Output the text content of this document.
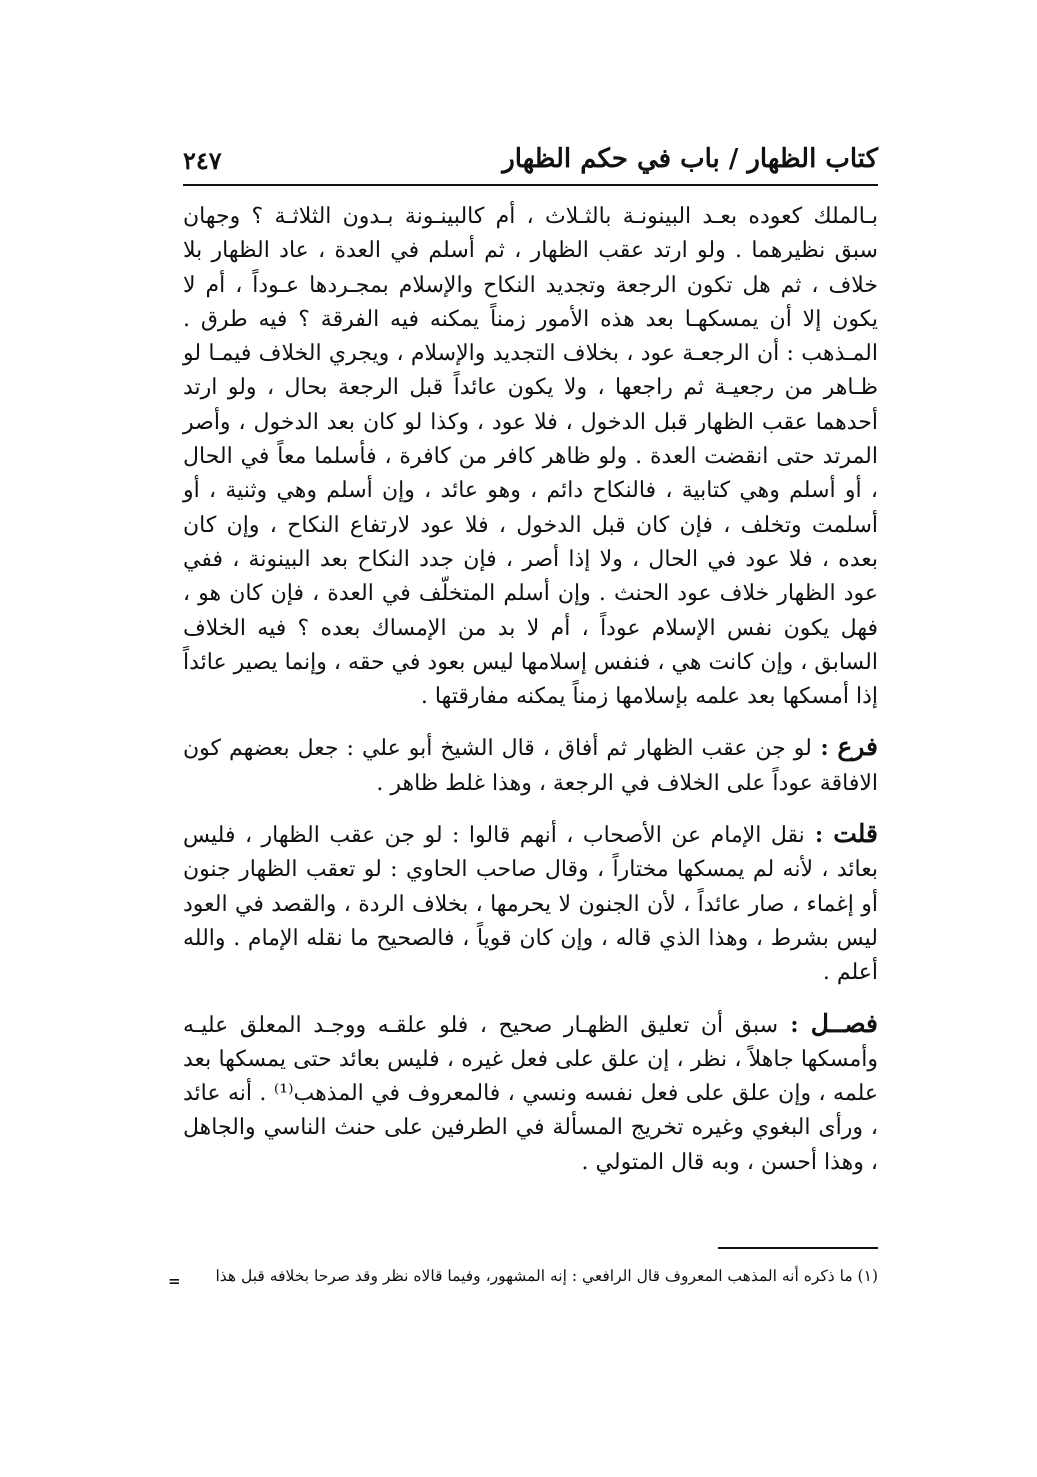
كتاب الظهار / باب في حكم الظهار
٢٤٧

بـالملك كعوده بعـد البينونـة بالثـلاث ، أم كالبينـونة بـدون الثلاثـة ؟ وجهان سبق نظيرهما . ولو ارتد عقب الظهار ، ثم أسلم في العدة ، عاد الظهار بلا خلاف ، ثم هل تكون الرجعة وتجديد النكاح والإسلام بمجـردها عـوداً ، أم لا يكون إلا أن يمسكهـا بعد هذه الأمور زمناً يمكنه فيه الفرقة ؟ فيه طرق . المـذهب : أن الرجعـة عود ، بخلاف التجديد والإسلام ، ويجري الخلاف فيمـا لو ظـاهر من رجعيـة ثم راجعها ، ولا يكون عائداً قبل الرجعة بحال ، ولو ارتد أحدهما عقب الظهار قبل الدخول ، فلا عود ، وكذا لو كان بعد الدخول ، وأصر المرتد حتى انقضت العدة . ولو ظاهر كافر من كافرة ، فأسلما معاً في الحال ، أو أسلم وهي كتابية ، فالنكاح دائم ، وهو عائد ، وإن أسلم وهي وثنية ، أو أسلمت وتخلف ، فإن كان قبل الدخول ، فلا عود لارتفاع النكاح ، وإن كان بعده ، فلا عود في الحال ، ولا إذا أصر ، فإن جدد النكاح بعد البينونة ، ففي عود الظهار خلاف عود الحنث . وإن أسلم المتخلّف في العدة ، فإن كان هو ، فهل يكون نفس الإسلام عوداً ، أم لا بد من الإمساك بعده ؟ فيه الخلاف السابق ، وإن كانت هي ، فنفس إسلامها ليس بعود في حقه ، وإنما يصير عائداً إذا أمسكها بعد علمه بإسلامها زمناً يمكنه مفارقتها .

فرع : لو جن عقب الظهار ثم أفاق ، قال الشيخ أبو علي : جعل بعضهم كون الافاقة عوداً على الخلاف في الرجعة ، وهذا غلط ظاهر .

قلت : نقل الإمام عن الأصحاب ، أنهم قالوا : لو جن عقب الظهار ، فليس بعائد ، لأنه لم يمسكها مختاراً ، وقال صاحب الحاوي : لو تعقب الظهار جنون أو إغماء ، صار عائداً ، لأن الجنون لا يحرمها ، بخلاف الردة ، والقصد في العود ليس بشرط ، وهذا الذي قاله ، وإن كان قوياً ، فالصحيح ما نقله الإمام . والله أعلم .

فصــل : سبق أن تعليق الظهـار صحيح ، فلو علقـه ووجـد المعلق عليـه وأمسكها جاهلاً ، نظر ، إن علق على فعل غيره ، فليس بعائد حتى يمسكها بعد علمه ، وإن علق على فعل نفسه ونسي ، فالمعروف في المذهب⁽¹⁾ . أنه عائد ، ورأى البغوي وغيره تخريج المسألة في الطرفين على حنث الناسي والجاهل ، وهذا أحسن ، وبه قال المتولي .

(١) ما ذكره أنه المذهب المعروف قال الرافعي : إنه المشهور، وفيما قالاه نظر وقد صرحا بخلافه قبل هذا
=
